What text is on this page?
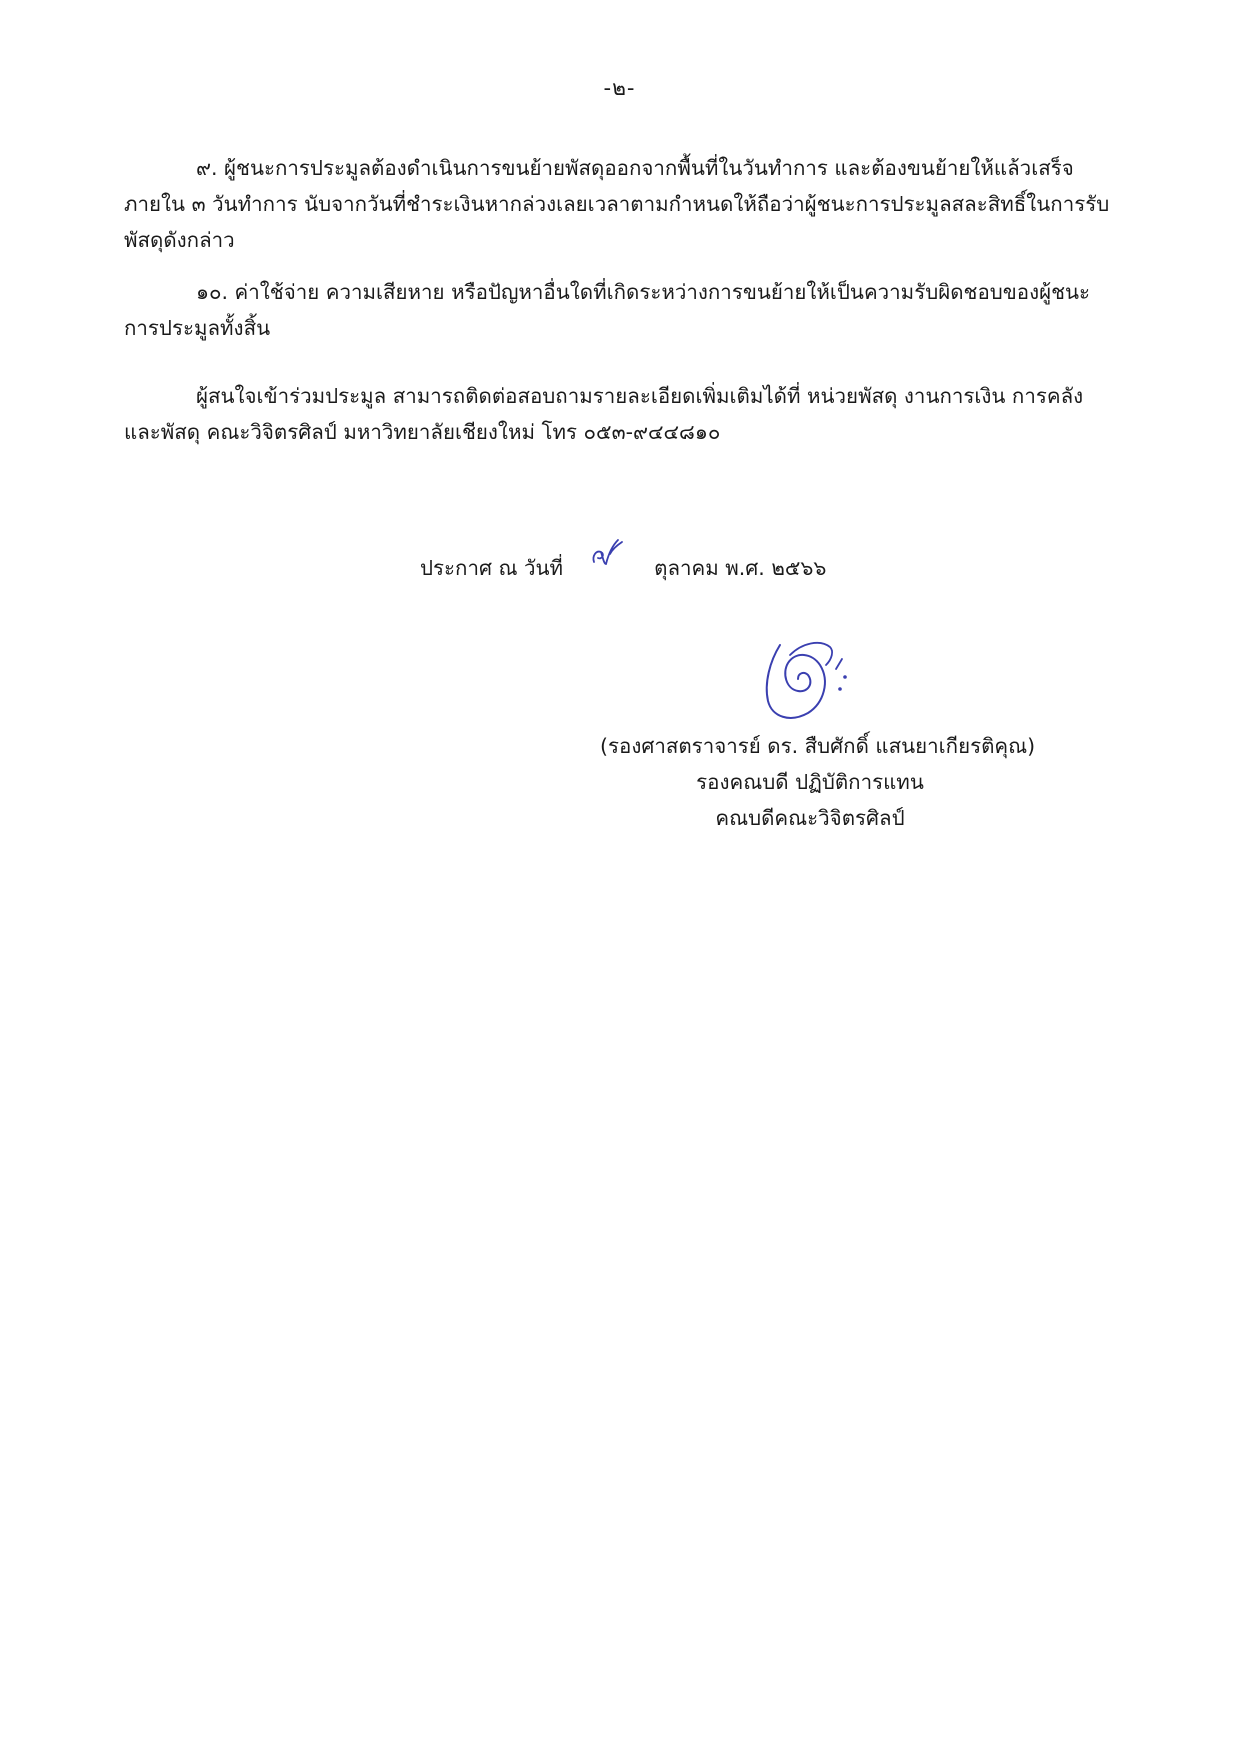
-๒-
๙. ผู้ชนะการประมูลต้องดำเนินการขนย้ายพัสดุออกจากพื้นที่ในวันทำการ และต้องขนย้ายให้แล้วเสร็จ
ภายใน ๓ วันทำการ นับจากวันที่ชำระเงินหากล่วงเลยเวลาตามกำหนดให้ถือว่าผู้ชนะการประมูลสละสิทธิ์ในการรับ
พัสดุดังกล่าว
๑๐. ค่าใช้จ่าย ความเสียหาย หรือปัญหาอื่นใดที่เกิดระหว่างการขนย้ายให้เป็นความรับผิดชอบของผู้ชนะ
การประมูลทั้งสิ้น
ผู้สนใจเข้าร่วมประมูล สามารถติดต่อสอบถามรายละเอียดเพิ่มเติมได้ที่ หน่วยพัสดุ งานการเงิน การคลัง
และพัสดุ คณะวิจิตรศิลป์ มหาวิทยาลัยเชียงใหม่ โทร ๐๕๓-๙๔๔๘๑๐
ประกาศ ณ วันที่	ตุลาคม พ.ศ. ๒๕๖๖
(รองศาสตราจารย์ ดร. สืบศักดิ์ แสนยาเกียรติคุณ)
รองคณบดี ปฏิบัติการแทน
คณบดีคณะวิจิตรศิลป์
